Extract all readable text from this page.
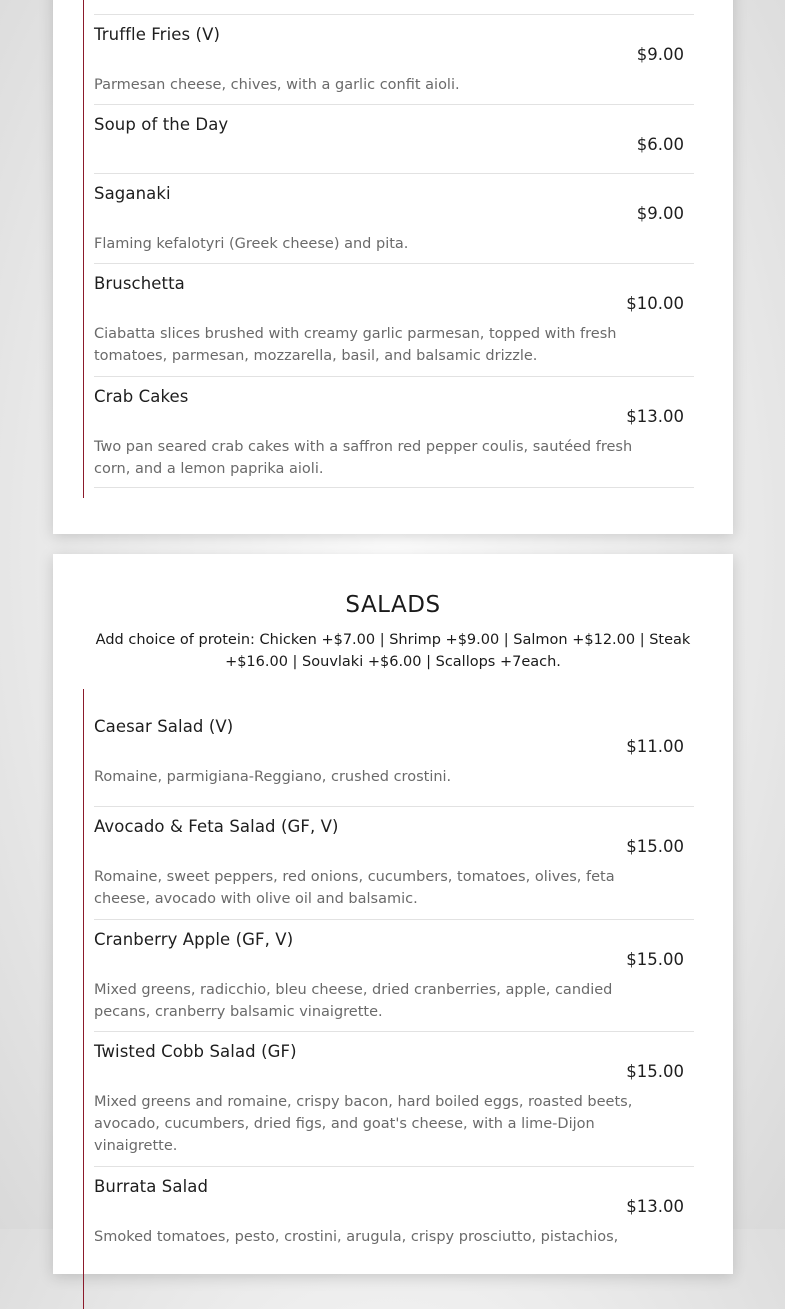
Truffle Fries (V)
$9.00
Parmesan cheese, chives, with a garlic confit aioli.
Soup of the Day
$6.00
Saganaki
$9.00
Flaming kefalotyri (Greek cheese) and pita.
Bruschetta
$10.00
Ciabatta slices brushed with creamy garlic parmesan, topped with fresh tomatoes, parmesan, mozzarella, basil, and balsamic drizzle.
Crab Cakes
$13.00
Two pan seared crab cakes with a saffron red pepper coulis, sautéed fresh corn, and a lemon paprika aioli.
SALADS
Add choice of protein: Chicken +$7.00 | Shrimp +$9.00 | Salmon +$12.00 | Steak +$16.00 | Souvlaki +$6.00 | Scallops +7each.
Caesar Salad (V)
$11.00
Romaine, parmigiana-Reggiano, crushed crostini.
Avocado & Feta Salad (GF, V)
$15.00
Romaine, sweet peppers, red onions, cucumbers, tomatoes, olives, feta cheese, avocado with olive oil and balsamic.
Cranberry Apple (GF, V)
$15.00
Mixed greens, radicchio, bleu cheese, dried cranberries, apple, candied pecans, cranberry balsamic vinaigrette.
Twisted Cobb Salad (GF)
$15.00
Mixed greens and romaine, crispy bacon, hard boiled eggs, roasted beets, avocado, cucumbers, dried figs, and goat's cheese, with a lime-Dijon vinaigrette.
Burrata Salad
$13.00
Smoked tomatoes, pesto, crostini, arugula, crispy prosciutto, pistachios,
